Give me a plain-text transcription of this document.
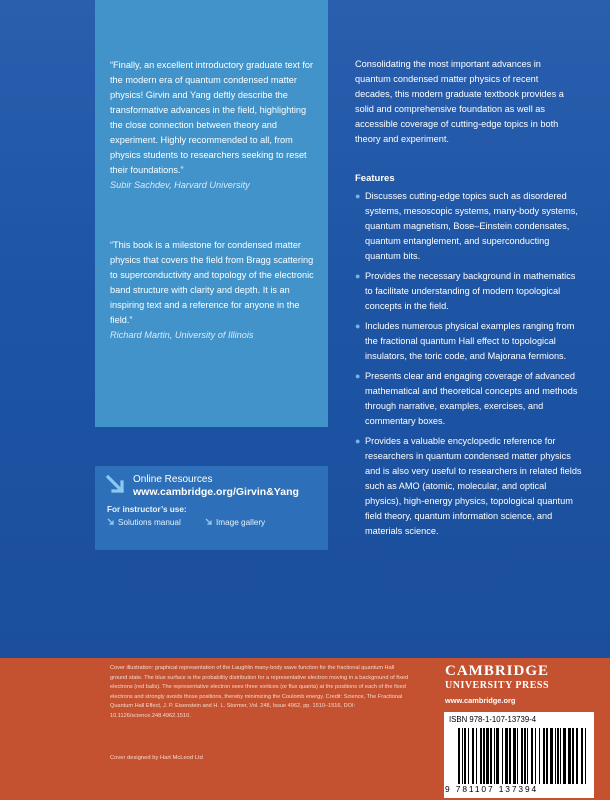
“Finally, an excellent introductory graduate text for the modern era of quantum condensed matter physics! Girvin and Yang deftly describe the transformative advances in the field, highlighting the close connection between theory and experiment. Highly recommended to all, from physics students to researchers seeking to reset their foundations.”

Subir Sachdev, Harvard University

“This book is a milestone for condensed matter physics that covers the field from Bragg scattering to superconductivity and topology of the electronic band structure with clarity and depth. It is an inspiring text and a reference for anyone in the field.”

Richard Martin, University of Illinois

Online Resources
www.cambridge.org/Girvin&Yang
For instructor’s use:
Solutions manual	Image gallery
Consolidating the most important advances in quantum condensed matter physics of recent decades, this modern graduate textbook provides a solid and comprehensive foundation as well as accessible coverage of cutting-edge topics in both theory and experiment.
Features
● Discusses cutting-edge topics such as disordered systems, mesoscopic systems, many-body systems, quantum magnetism, Bose–Einstein condensates, quantum entanglement, and superconducting quantum bits.
● Provides the necessary background in mathematics to facilitate understanding of modern topological concepts in the field.
● Includes numerous physical examples ranging from the fractional quantum Hall effect to topological insulators, the toric code, and Majorana fermions.
● Presents clear and engaging coverage of advanced mathematical and theoretical concepts and methods through narrative, examples, exercises, and commentary boxes.
● Provides a valuable encyclopedic reference for researchers in quantum condensed matter physics and is also very useful to researchers in related fields such as AMO (atomic, molecular, and optical physics), high-energy physics, topological quantum field theory, quantum information science, and materials science.
Cover illustration: graphical representation of the Laughlin many-body wave function for the fractional quantum Hall ground state. The blue surface is the probability distribution for a representative electron moving in a background of fixed electrons (red balls). The representative electron sees three vortices (or flux quanta) at the positions of each of the fixed electrons and strongly avoids those positions, thereby minimizing the Coulomb energy. Credit: Science, The Fractional Quantum Hall Effect, J. P. Eisenstein and H. L. Stormer, Vol. 248, Issue 4962, pp. 1510–1516, DOI: 10.1126/science.248.4962.1510.
Cover designed by Hart McLeod Ltd
CAMBRIDGE
UNIVERSITY PRESS
www.cambridge.org
ISBN 978-1-107-13739-4
9 781107 137394
